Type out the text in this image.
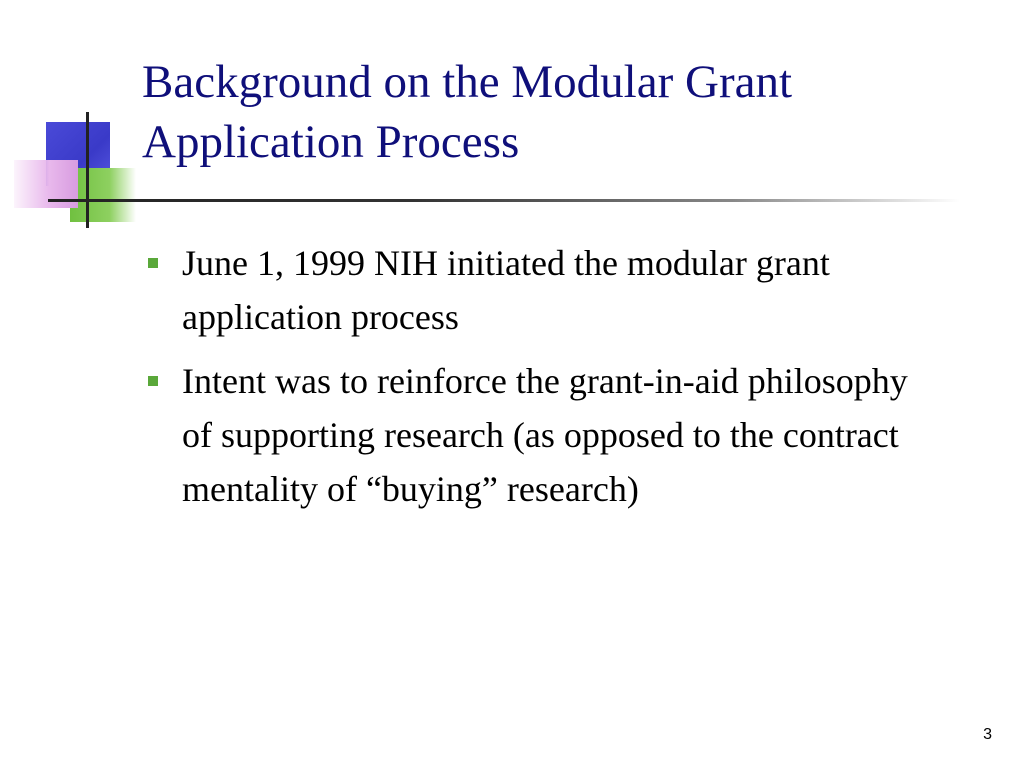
Background on the Modular Grant Application Process
June 1, 1999 NIH initiated the modular grant application process
Intent was to reinforce the grant-in-aid philosophy of supporting research (as opposed to the contract mentality of “buying” research)
3
